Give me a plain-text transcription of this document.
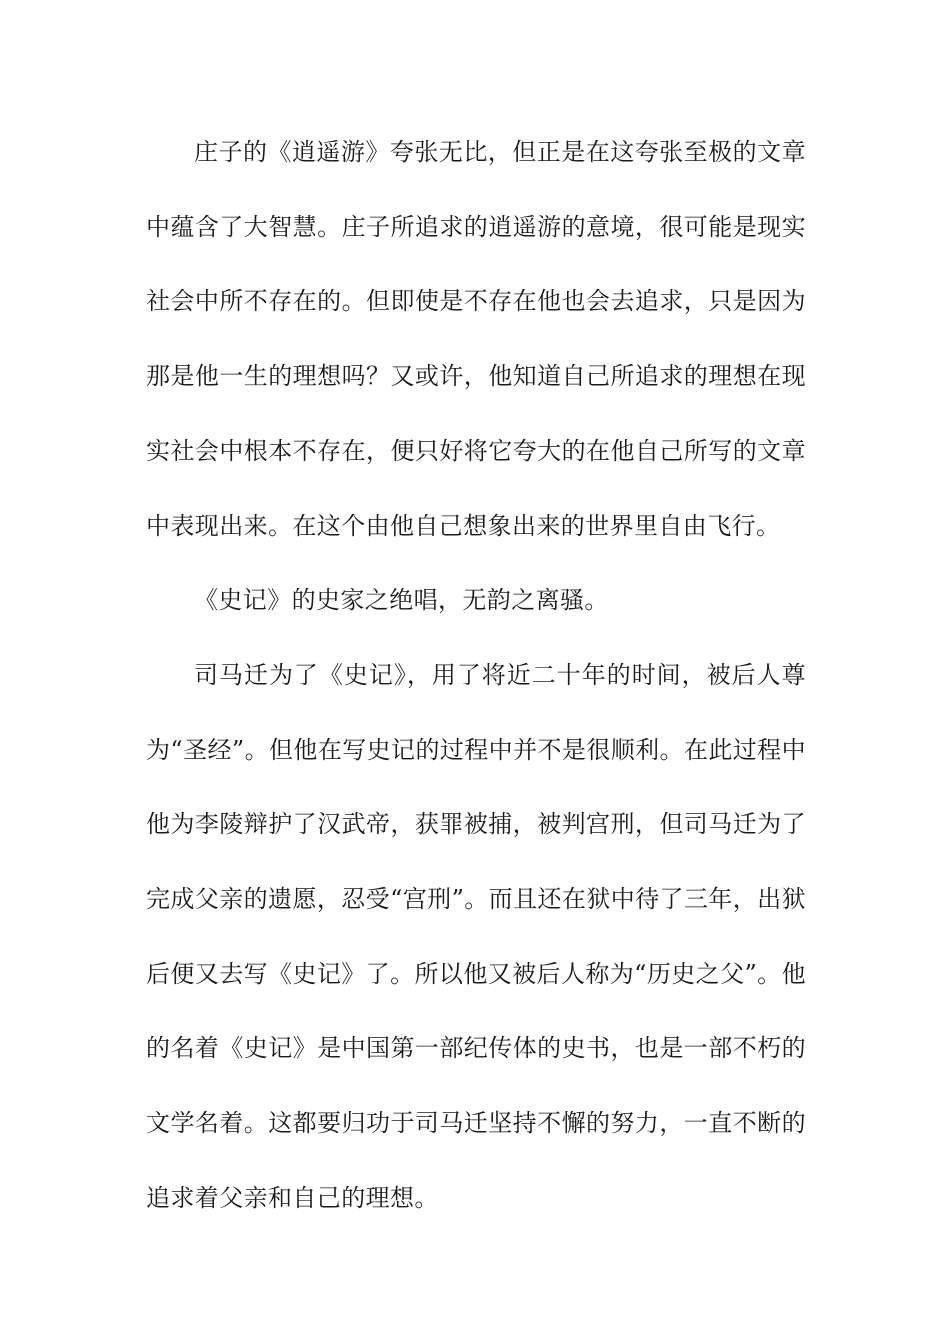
庄子的《逍遥游》夸张无比，但正是在这夸张至极的文章中蕴含了大智慧。庄子所追求的逍遥游的意境，很可能是现实社会中所不存在的。但即使是不存在他也会去追求，只是因为那是他一生的理想吗？又或许，他知道自己所追求的理想在现实社会中根本不存在，便只好将它夸大的在他自己所写的文章中表现出来。在这个由他自己想象出来的世界里自由飞行。

《史记》的史家之绝唱，无韵之离骚。

司马迁为了《史记》，用了将近二十年的时间，被后人尊为“圣经”。但他在写史记的过程中并不是很顺利。在此过程中他为李陵辩护了汉武帝，获罪被捕，被判宫刑，但司马迁为了完成父亲的遗愿，忍受“宫刑”。而且还在狱中待了三年，出狱后便又去写《史记》了。所以他又被后人称为“历史之父”。他的名着《史记》是中国第一部纪传体的史书，也是一部不朽的文学名着。这都要归功于司马迁坚持不懈的努力，一直不断的追求着父亲和自己的理想。
